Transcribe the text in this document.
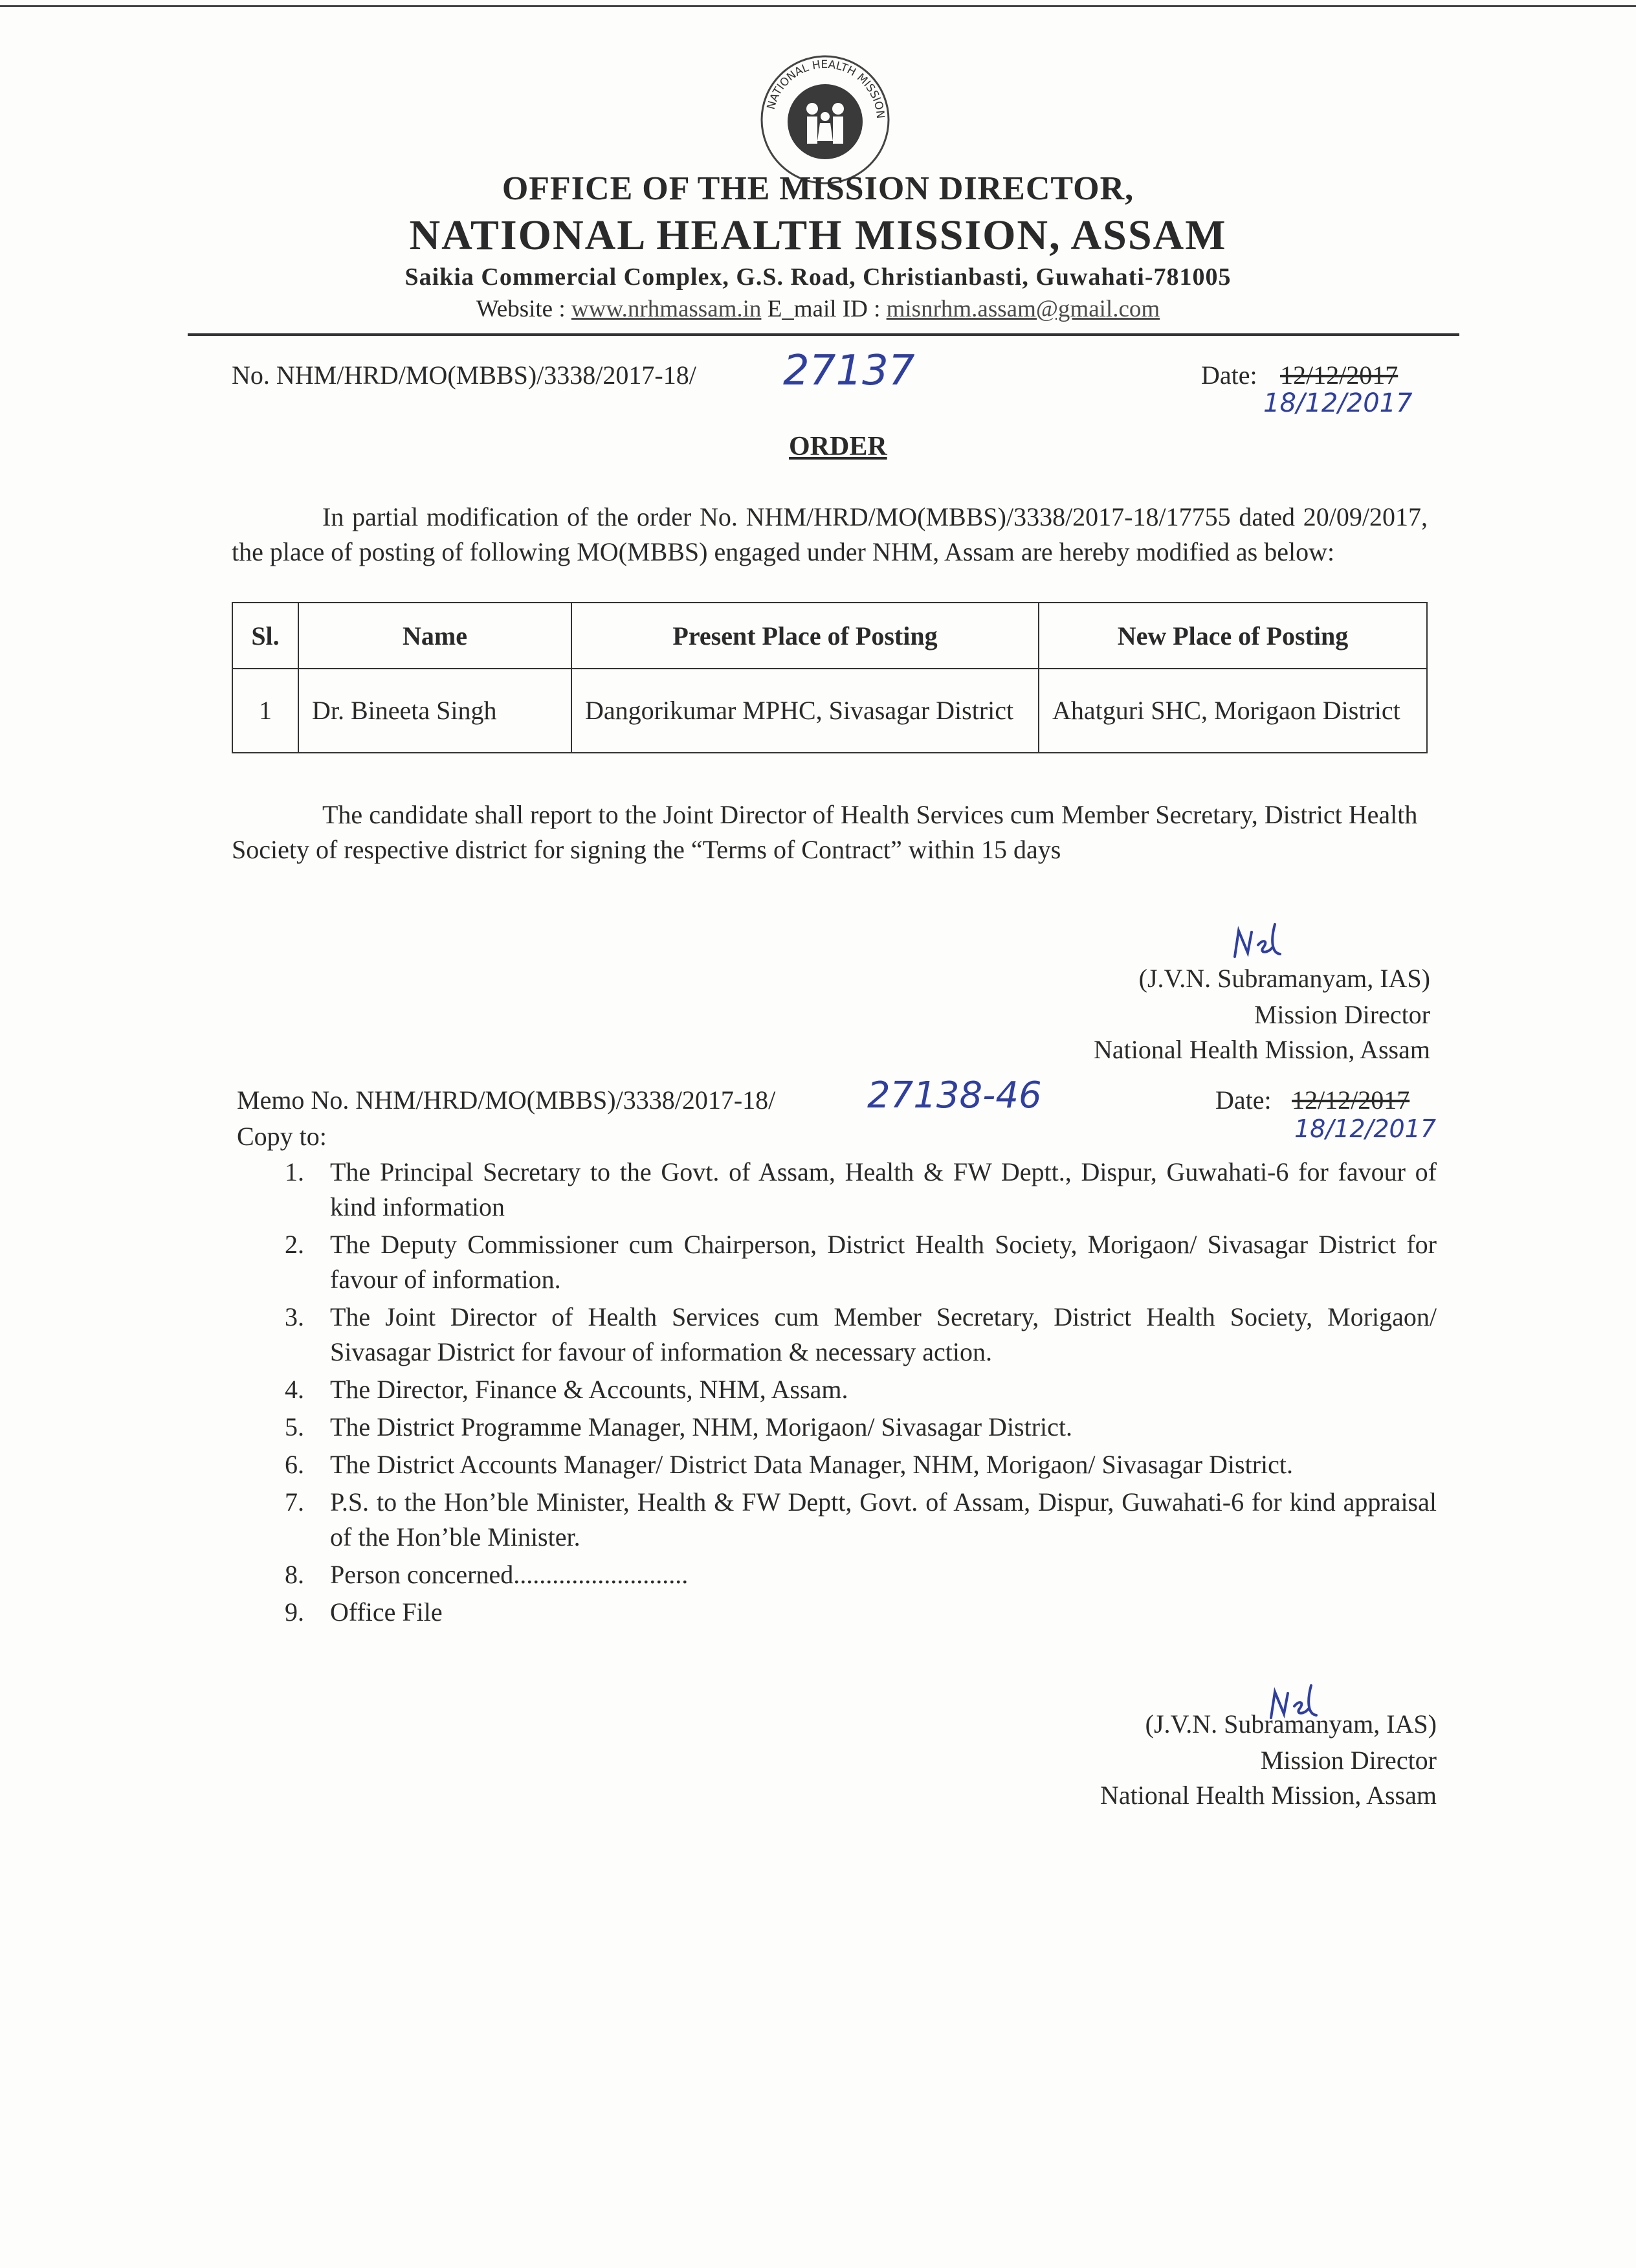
NATIONAL HEALTH MISSION
OFFICE OF THE MISSION DIRECTOR,
NATIONAL HEALTH MISSION, ASSAM
Saikia Commercial Complex, G.S. Road, Christianbasti, Guwahati-781005
Website : www.nrhmassam.in E_mail ID : misnrhm.assam@gmail.com
No. NHM/HRD/MO(MBBS)/3338/2017-18/ 27137	Date: 12/12/2017
18/12/2017
ORDER
In partial modification of the order No. NHM/HRD/MO(MBBS)/3338/2017-18/17755 dated 20/09/2017, the place of posting of following MO(MBBS) engaged under NHM, Assam are hereby modified as below:
Sl.	Name	Present Place of Posting	New Place of Posting
1	Dr. Bineeta Singh	Dangorikumar MPHC, Sivasagar District	Ahatguri SHC, Morigaon District
The candidate shall report to the Joint Director of Health Services cum Member Secretary, District Health Society of respective district for signing the “Terms of Contract” within 15 days
(J.V.N. Subramanyam, IAS)
Mission Director
National Health Mission, Assam
Memo No. NHM/HRD/MO(MBBS)/3338/2017-18/	27138-46	Date: 12/12/2017
18/12/2017
Copy to:
1. The Principal Secretary to the Govt. of Assam, Health & FW Deptt., Dispur, Guwahati-6 for favour of kind information
2. The Deputy Commissioner cum Chairperson, District Health Society, Morigaon/ Sivasagar District for favour of information.
3. The Joint Director of Health Services cum Member Secretary, District Health Society, Morigaon/ Sivasagar District for favour of information & necessary action.
4. The Director, Finance & Accounts, NHM, Assam.
5. The District Programme Manager, NHM, Morigaon/ Sivasagar District.
6. The District Accounts Manager/ District Data Manager, NHM, Morigaon/ Sivasagar District.
7. P.S. to the Hon’ble Minister, Health & FW Deptt, Govt. of Assam, Dispur, Guwahati-6 for kind appraisal of the Hon’ble Minister.
8. Person concerned...........................
9. Office File
(J.V.N. Subramanyam, IAS)
Mission Director
National Health Mission, Assam
